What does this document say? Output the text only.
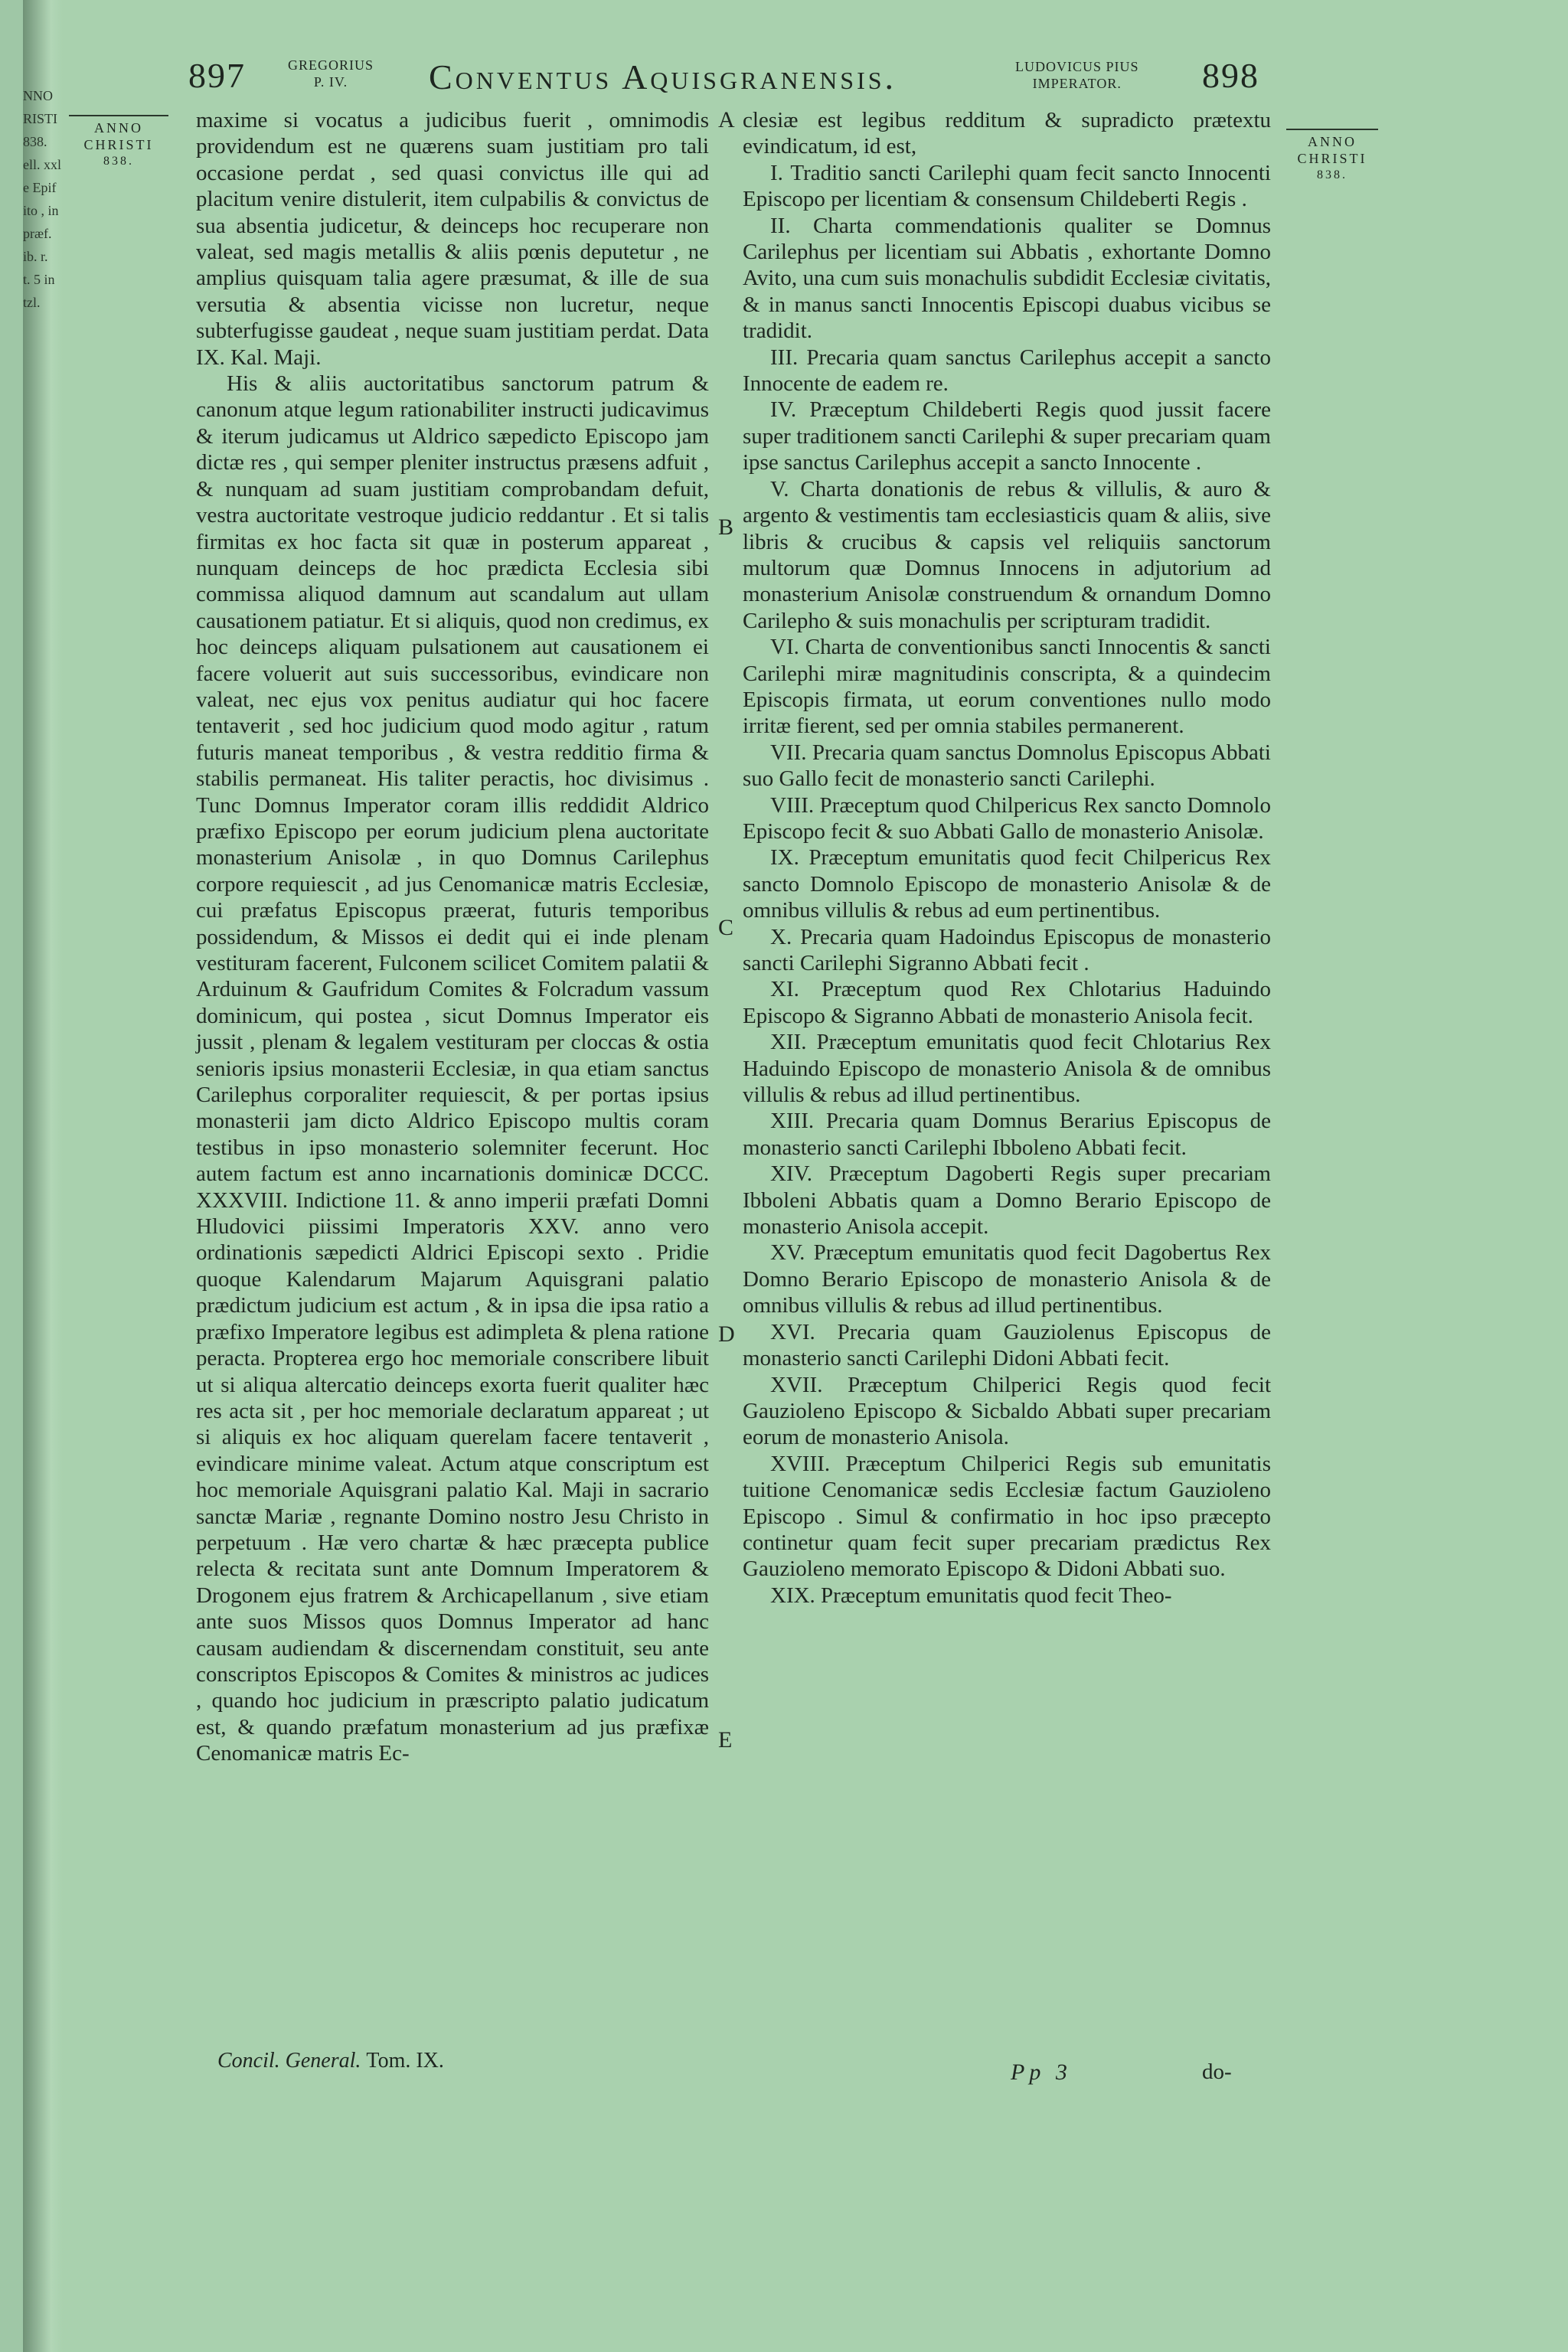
NNO
RISTI
838.
ell. xxl
e Epif
ito , in
præf.
ib. r.
t. 5 in
tzl.
897	GREGORIUS
P. IV.	Conventus Aquisgranensis.	LUDOVICUS PIUS
IMPERATOR.	898
ANNO
CHRISTI
838.
ANNO
CHRISTI
838.

maxime si vocatus a judicibus fuerit , omnimodis providendum est ne quærens suam justitiam pro tali occasione perdat , sed quasi convictus ille qui ad placitum venire distulerit, item culpabilis & convictus de sua absentia judicetur, & deinceps hoc recuperare non valeat, sed magis metallis & aliis pœnis deputetur , ne amplius quisquam talia agere præsumat, & ille de sua versutia & absentia vicisse non lucretur, neque subterfugisse gaudeat , neque suam justitiam perdat. Data IX. Kal. Maji.

His & aliis auctoritatibus sanctorum patrum & canonum atque legum rationabiliter instructi judicavimus & iterum judicamus ut Aldrico sæpedicto Episcopo jam dictæ res , qui semper pleniter instructus præsens adfuit , & nunquam ad suam justitiam comprobandam defuit, vestra auctoritate vestroque judicio reddantur . Et si talis firmitas ex hoc facta sit quæ in posterum appareat , nunquam deinceps de hoc prædicta Ecclesia sibi commissa aliquod damnum aut scandalum aut ullam causationem patiatur. Et si aliquis, quod non credimus, ex hoc deinceps aliquam pulsationem aut causationem ei facere voluerit aut suis successoribus, evindicare non valeat, nec ejus vox penitus audiatur qui hoc facere tentaverit , sed hoc judicium quod modo agitur , ratum futuris maneat temporibus , & vestra redditio firma & stabilis permaneat. His taliter peractis, hoc divisimus . Tunc Domnus Imperator coram illis reddidit Aldrico præfixo Episcopo per eorum judicium plena auctoritate monasterium Anisolæ , in quo Domnus Carilephus corpore requiescit , ad jus Cenomanicæ matris Ecclesiæ, cui præfatus Episcopus præerat, futuris temporibus possidendum, & Missos ei dedit qui ei inde plenam vestituram facerent, Fulconem scilicet Comitem palatii & Arduinum & Gaufridum Comites & Folcradum vassum dominicum, qui postea , sicut Domnus Imperator eis jussit , plenam & legalem vestituram per cloccas & ostia senioris ipsius monasterii Ecclesiæ, in qua etiam sanctus Carilephus corporaliter requiescit, & per portas ipsius monasterii jam dicto Aldrico Episcopo multis coram testibus in ipso monasterio solemniter fecerunt. Hoc autem factum est anno incarnationis dominicæ DCCC. XXXVIII. Indictione 11. & anno imperii præfati Domni Hludovici piissimi Imperatoris XXV. anno vero ordinationis sæpedicti Aldrici Episcopi sexto . Pridie quoque Kalendarum Majarum Aquisgrani palatio prædictum judicium est actum , & in ipsa die ipsa ratio a præfixo Imperatore legibus est adimpleta & plena ratione peracta. Propterea ergo hoc memoriale conscribere libuit ut si aliqua altercatio deinceps exorta fuerit qualiter hæc res acta sit , per hoc memoriale declaratum appareat ; ut si aliquis ex hoc aliquam querelam facere tentaverit , evindicare minime valeat. Actum atque conscriptum est hoc memoriale Aquisgrani palatio Kal. Maji in sacrario sanctæ Mariæ , regnante Domino nostro Jesu Christo in perpetuum . Hæ vero chartæ & hæc præcepta publice relecta & recitata sunt ante Domnum Imperatorem & Drogonem ejus fratrem & Archicapellanum , sive etiam ante suos Missos quos Domnus Imperator ad hanc causam audiendam & discernendam constituit, seu ante conscriptos Episcopos & Comites & ministros ac judices , quando hoc judicium in præscripto palatio judicatum est, & quando præfatum monasterium ad jus præfixæ Cenomanicæ matris Ec-

A
B
C
D
E

clesiæ est legibus redditum & supradicto prætextu evindicatum, id est,

I. Traditio sancti Carilephi quam fecit sancto Innocenti Episcopo per licentiam & consensum Childeberti Regis .

II. Charta commendationis qualiter se Domnus Carilephus per licentiam sui Abbatis , exhortante Domno Avito, una cum suis monachulis subdidit Ecclesiæ civitatis, & in manus sancti Innocentis Episcopi duabus vicibus se tradidit.

III. Precaria quam sanctus Carilephus accepit a sancto Innocente de eadem re.

IV. Præceptum Childeberti Regis quod jussit facere super traditionem sancti Carilephi & super precariam quam ipse sanctus Carilephus accepit a sancto Innocente .

V. Charta donationis de rebus & villulis, & auro & argento & vestimentis tam ecclesiasticis quam & aliis, sive libris & crucibus & capsis vel reliquiis sanctorum multorum quæ Domnus Innocens in adjutorium ad monasterium Anisolæ construendum & ornandum Domno Carilepho & suis monachulis per scripturam tradidit.

VI. Charta de conventionibus sancti Innocentis & sancti Carilephi miræ magnitudinis conscripta, & a quindecim Episcopis firmata, ut eorum conventiones nullo modo irritæ fierent, sed per omnia stabiles permanerent.

VII. Precaria quam sanctus Domnolus Episcopus Abbati suo Gallo fecit de monasterio sancti Carilephi.

VIII. Præceptum quod Chilpericus Rex sancto Domnolo Episcopo fecit & suo Abbati Gallo de monasterio Anisolæ.

IX. Præceptum emunitatis quod fecit Chilpericus Rex sancto Domnolo Episcopo de monasterio Anisolæ & de omnibus villulis & rebus ad eum pertinentibus.

X. Precaria quam Hadoindus Episcopus de monasterio sancti Carilephi Sigranno Abbati fecit .

XI. Præceptum quod Rex Chlotarius Haduindo Episcopo & Sigranno Abbati de monasterio Anisola fecit.

XII. Præceptum emunitatis quod fecit Chlotarius Rex Haduindo Episcopo de monasterio Anisola & de omnibus villulis & rebus ad illud pertinentibus.

XIII. Precaria quam Domnus Berarius Episcopus de monasterio sancti Carilephi Ibboleno Abbati fecit.

XIV. Præceptum Dagoberti Regis super precariam Ibboleni Abbatis quam a Domno Berario Episcopo de monasterio Anisola accepit.

XV. Præceptum emunitatis quod fecit Dagobertus Rex Domno Berario Episcopo de monasterio Anisola & de omnibus villulis & rebus ad illud pertinentibus.

XVI. Precaria quam Gauziolenus Episcopus de monasterio sancti Carilephi Didoni Abbati fecit.

XVII. Præceptum Chilperici Regis quod fecit Gauzioleno Episcopo & Sicbaldo Abbati super precariam eorum de monasterio Anisola.

XVIII. Præceptum Chilperici Regis sub emunitatis tuitione Cenomanicæ sedis Ecclesiæ factum Gauzioleno Episcopo . Simul & confirmatio in hoc ipso præcepto continetur quam fecit super precariam prædictus Rex Gauzioleno memorato Episcopo & Didoni Abbati suo.

XIX. Præceptum emunitatis quod fecit Theo-

Concil. General. Tom. IX.	Pp 3	do-
